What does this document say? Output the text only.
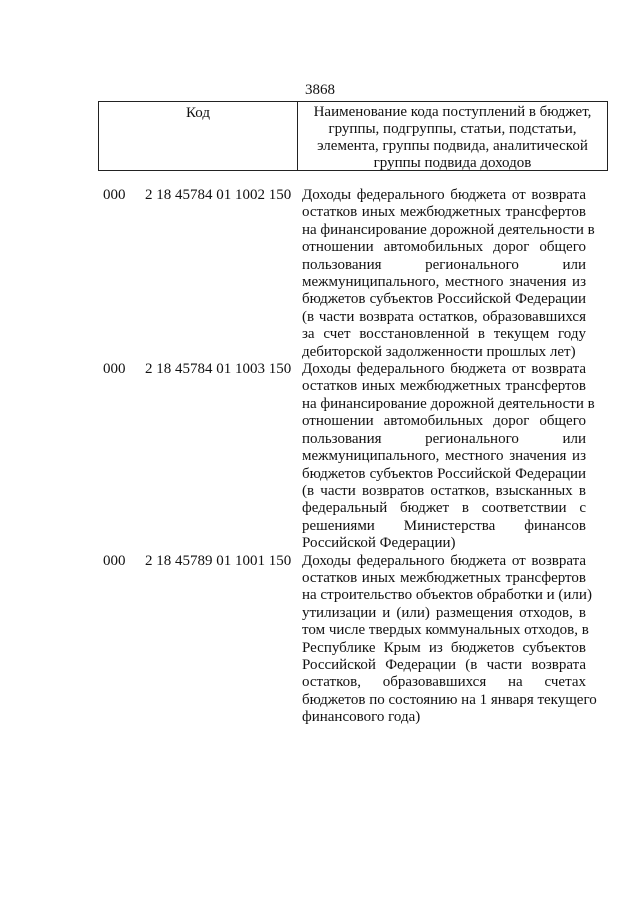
3868
Код	Наименование кода поступлений в бюджет, группы, подгруппы, статьи, подстатьи, элемента, группы подвида, аналитической группы подвида доходов
000 2 18 45784 01 1002 150 Доходы федерального бюджета от возврата
остатков иных межбюджетных трансфертов
на финансирование дорожной деятельности в
отношении автомобильных дорог общего
пользования регионального или
межмуниципального, местного значения из
бюджетов субъектов Российской Федерации
(в части возврата остатков, образовавшихся
за счет восстановленной в текущем году
дебиторской задолженности прошлых лет)
000 2 18 45784 01 1003 150 Доходы федерального бюджета от возврата
остатков иных межбюджетных трансфертов
на финансирование дорожной деятельности в
отношении автомобильных дорог общего
пользования регионального или
межмуниципального, местного значения из
бюджетов субъектов Российской Федерации
(в части возвратов остатков, взысканных в
федеральный бюджет в соответствии с
решениями Министерства финансов
Российской Федерации)
000 2 18 45789 01 1001 150 Доходы федерального бюджета от возврата
остатков иных межбюджетных трансфертов
на строительство объектов обработки и (или)
утилизации и (или) размещения отходов, в
том числе твердых коммунальных отходов, в
Республике Крым из бюджетов субъектов
Российской Федерации (в части возврата
остатков, образовавшихся на счетах
бюджетов по состоянию на 1 января текущего
финансового года)
